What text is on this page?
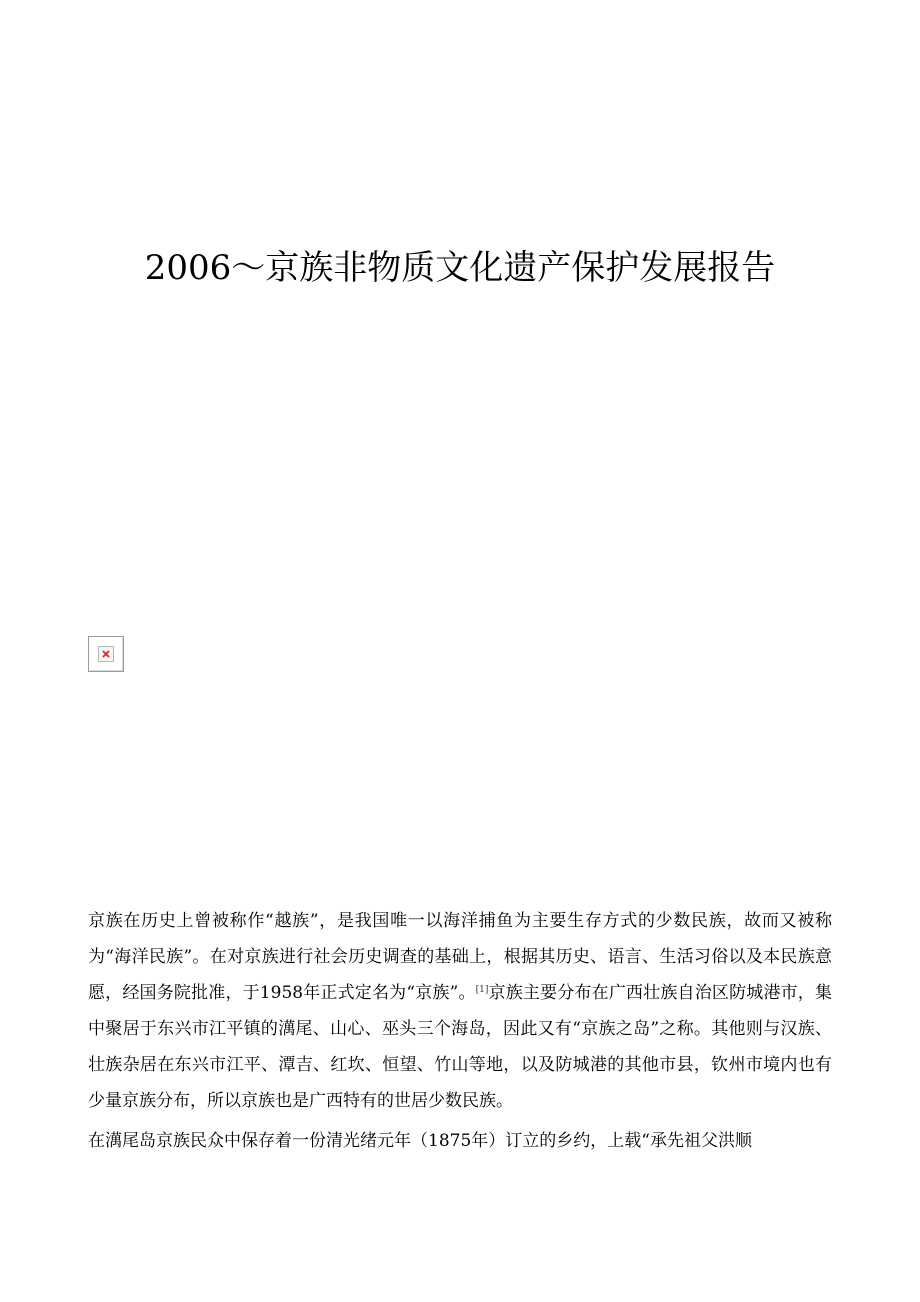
2006～京族非物质文化遗产保护发展报告

京族在历史上曾被称作“越族”，是我国唯一以海洋捕鱼为主要生存方式的少数民族，故而又被称为“海洋民族”。在对京族进行社会历史调查的基础上，根据其历史、语言、生活习俗以及本民族意愿，经国务院批准，于1958年正式定名为“京族”。[1]京族主要分布在广西壮族自治区防城港市，集中聚居于东兴市江平镇的澫尾、山心、巫头三个海岛，因此又有“京族之岛”之称。其他则与汉族、壮族杂居在东兴市江平、潭吉、红坎、恒望、竹山等地，以及防城港的其他市县，钦州市境内也有少量京族分布，所以京族也是广西特有的世居少数民族。

在澫尾岛京族民众中保存着一份清光绪元年（1875年）订立的乡约，上载“承先祖父洪顺
